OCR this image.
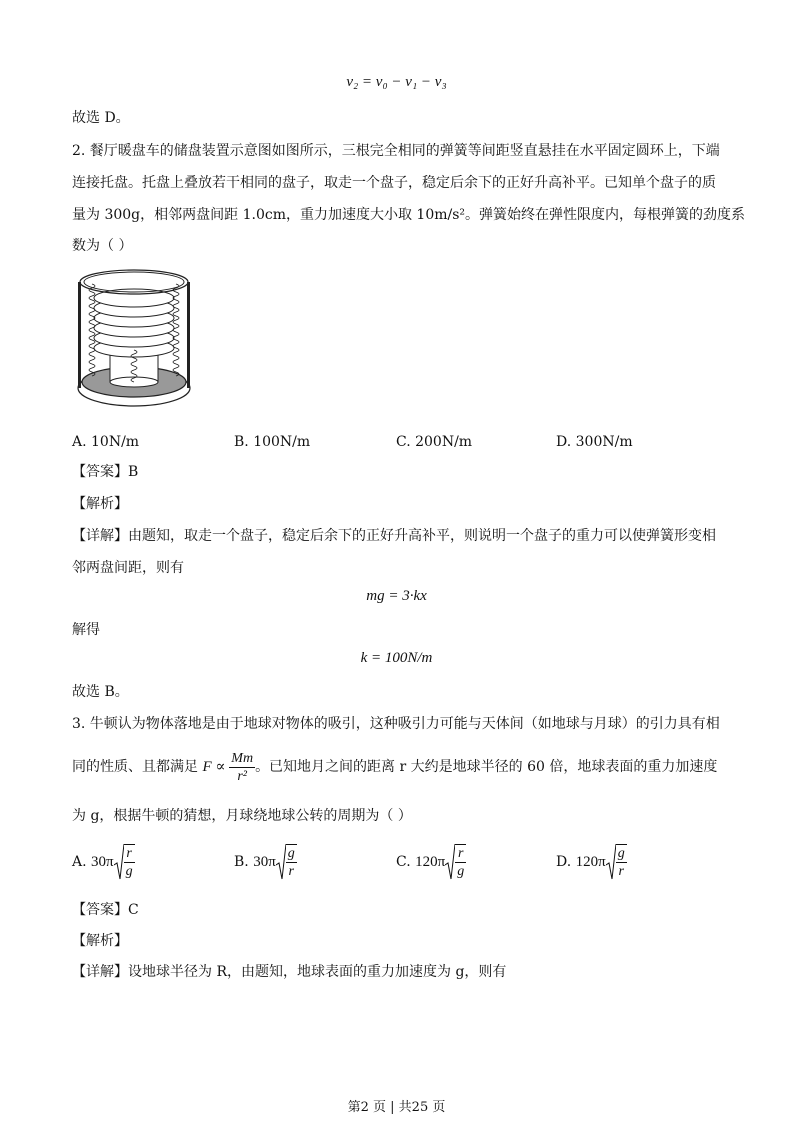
v₂ = v₀ − v₁ − v₃
故选 D。
2. 餐厅暖盘车的储盘装置示意图如图所示，三根完全相同的弹簧等间距竖直悬挂在水平固定圆环上，下端
连接托盘。托盘上叠放若干相同的盘子，取走一个盘子，稳定后余下的正好升高补平。已知单个盘子的质
量为 300g，相邻两盘间距 1.0cm，重力加速度大小取 10m/s²。弹簧始终在弹性限度内，每根弹簧的劲度系
数为（ ）
A. 10N/m	B. 100N/m	C. 200N/m	D. 300N/m
【答案】B
【解析】
【详解】由题知，取走一个盘子，稳定后余下的正好升高补平，则说明一个盘子的重力可以使弹簧形变相
邻两盘间距，则有
mg = 3·kx
解得
k = 100N/m
故选 B。
3. 牛顿认为物体落地是由于地球对物体的吸引，这种吸引力可能与天体间（如地球与月球）的引力具有相
同的性质、且都满足 $F \propto \frac{Mm}{\text{r²}}$ 。已知地月之间的距离 r 大约是地球半径的 60 倍，地球表面的重力加速度
为 g，根据牛顿的猜想，月球绕地球公转的周期为（ ）
A. $30\pi \frac{r}{g}$	B. $30\pi \frac{g}{r}$	C. $120\pi \frac{r}{g}$	D. $120\pi \frac{g}{r}$
【答案】C
【解析】
【详解】设地球半径为 R，由题知，地球表面的重力加速度为 g，则有
第2 页 | 共25 页
